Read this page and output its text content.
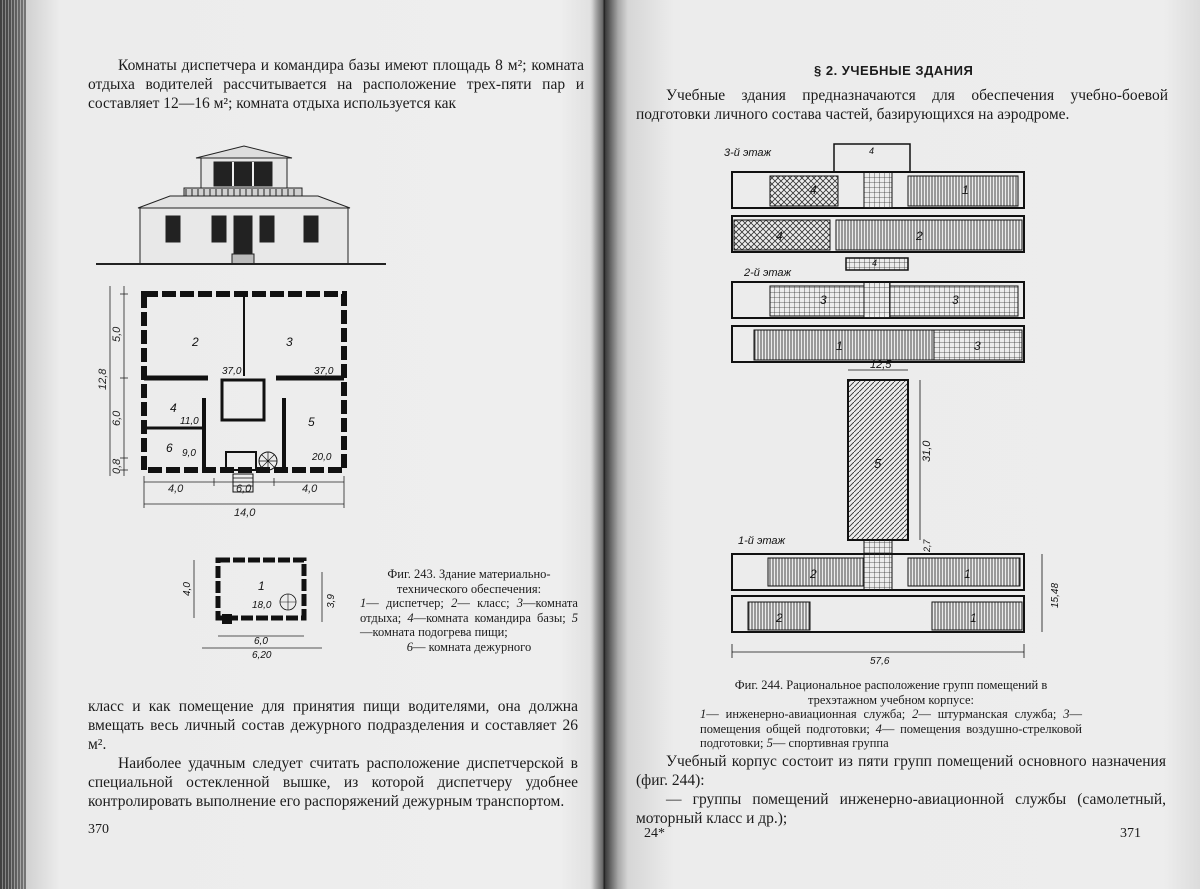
Комнаты диспетчера и командира базы имеют площадь 8 м²; комната отдыха водителей рассчитывается на расположение трех-пяти пар и составляет 12—16 м²; комната отдыха используется как

5,0
6,0
0,8
12,8
4,0	6,0	4,0
14,0
2	3
37,0	37,0
4
11,0	5
6 9,0	20,0
1
18,0
4,0
3,9
6,0
6,20
Фиг. 243. Здание материально-технического обеспечения:
1— диспетчер; 2— класс; 3—комната отдыха; 4—комната командира базы; 5—комната подогрева пищи;
6— комната дежурного

класс и как помещение для принятия пищи водителями, она должна вмещать весь личный состав дежурного подразделения и составляет 26 м².

Наиболее удачным следует считать расположение диспетчерской в специальной остекленной вышке, из которой диспетчеру удобнее контролировать выполнение его распоряжений дежурным транспортом.

370
§ 2. УЧЕБНЫЕ ЗДАНИЯ

Учебные здания предназначаются для обеспечения учебно-боевой подготовки личного состава частей, базирующихся на аэродроме.

3-й этаж	4
4	1
4	2
2-й этаж
4
3	3
1	3
12,5
31,0
5
2,7
1-й этаж
2	1
2	1
15,48
57,6
Фиг. 244. Рациональное расположение групп помещений в трехэтажном учебном корпусе:
1— инженерно-авиационная служба; 2— штурманская служба; 3— помещения общей подготовки; 4— помещения воздушно-стрелковой подготовки; 5— спортивная группа

Учебный корпус состоит из пяти групп помещений основного назначения (фиг. 244):

— группы помещений инженерно-авиационной службы (самолетный, моторный класс и др.);

24*	371
